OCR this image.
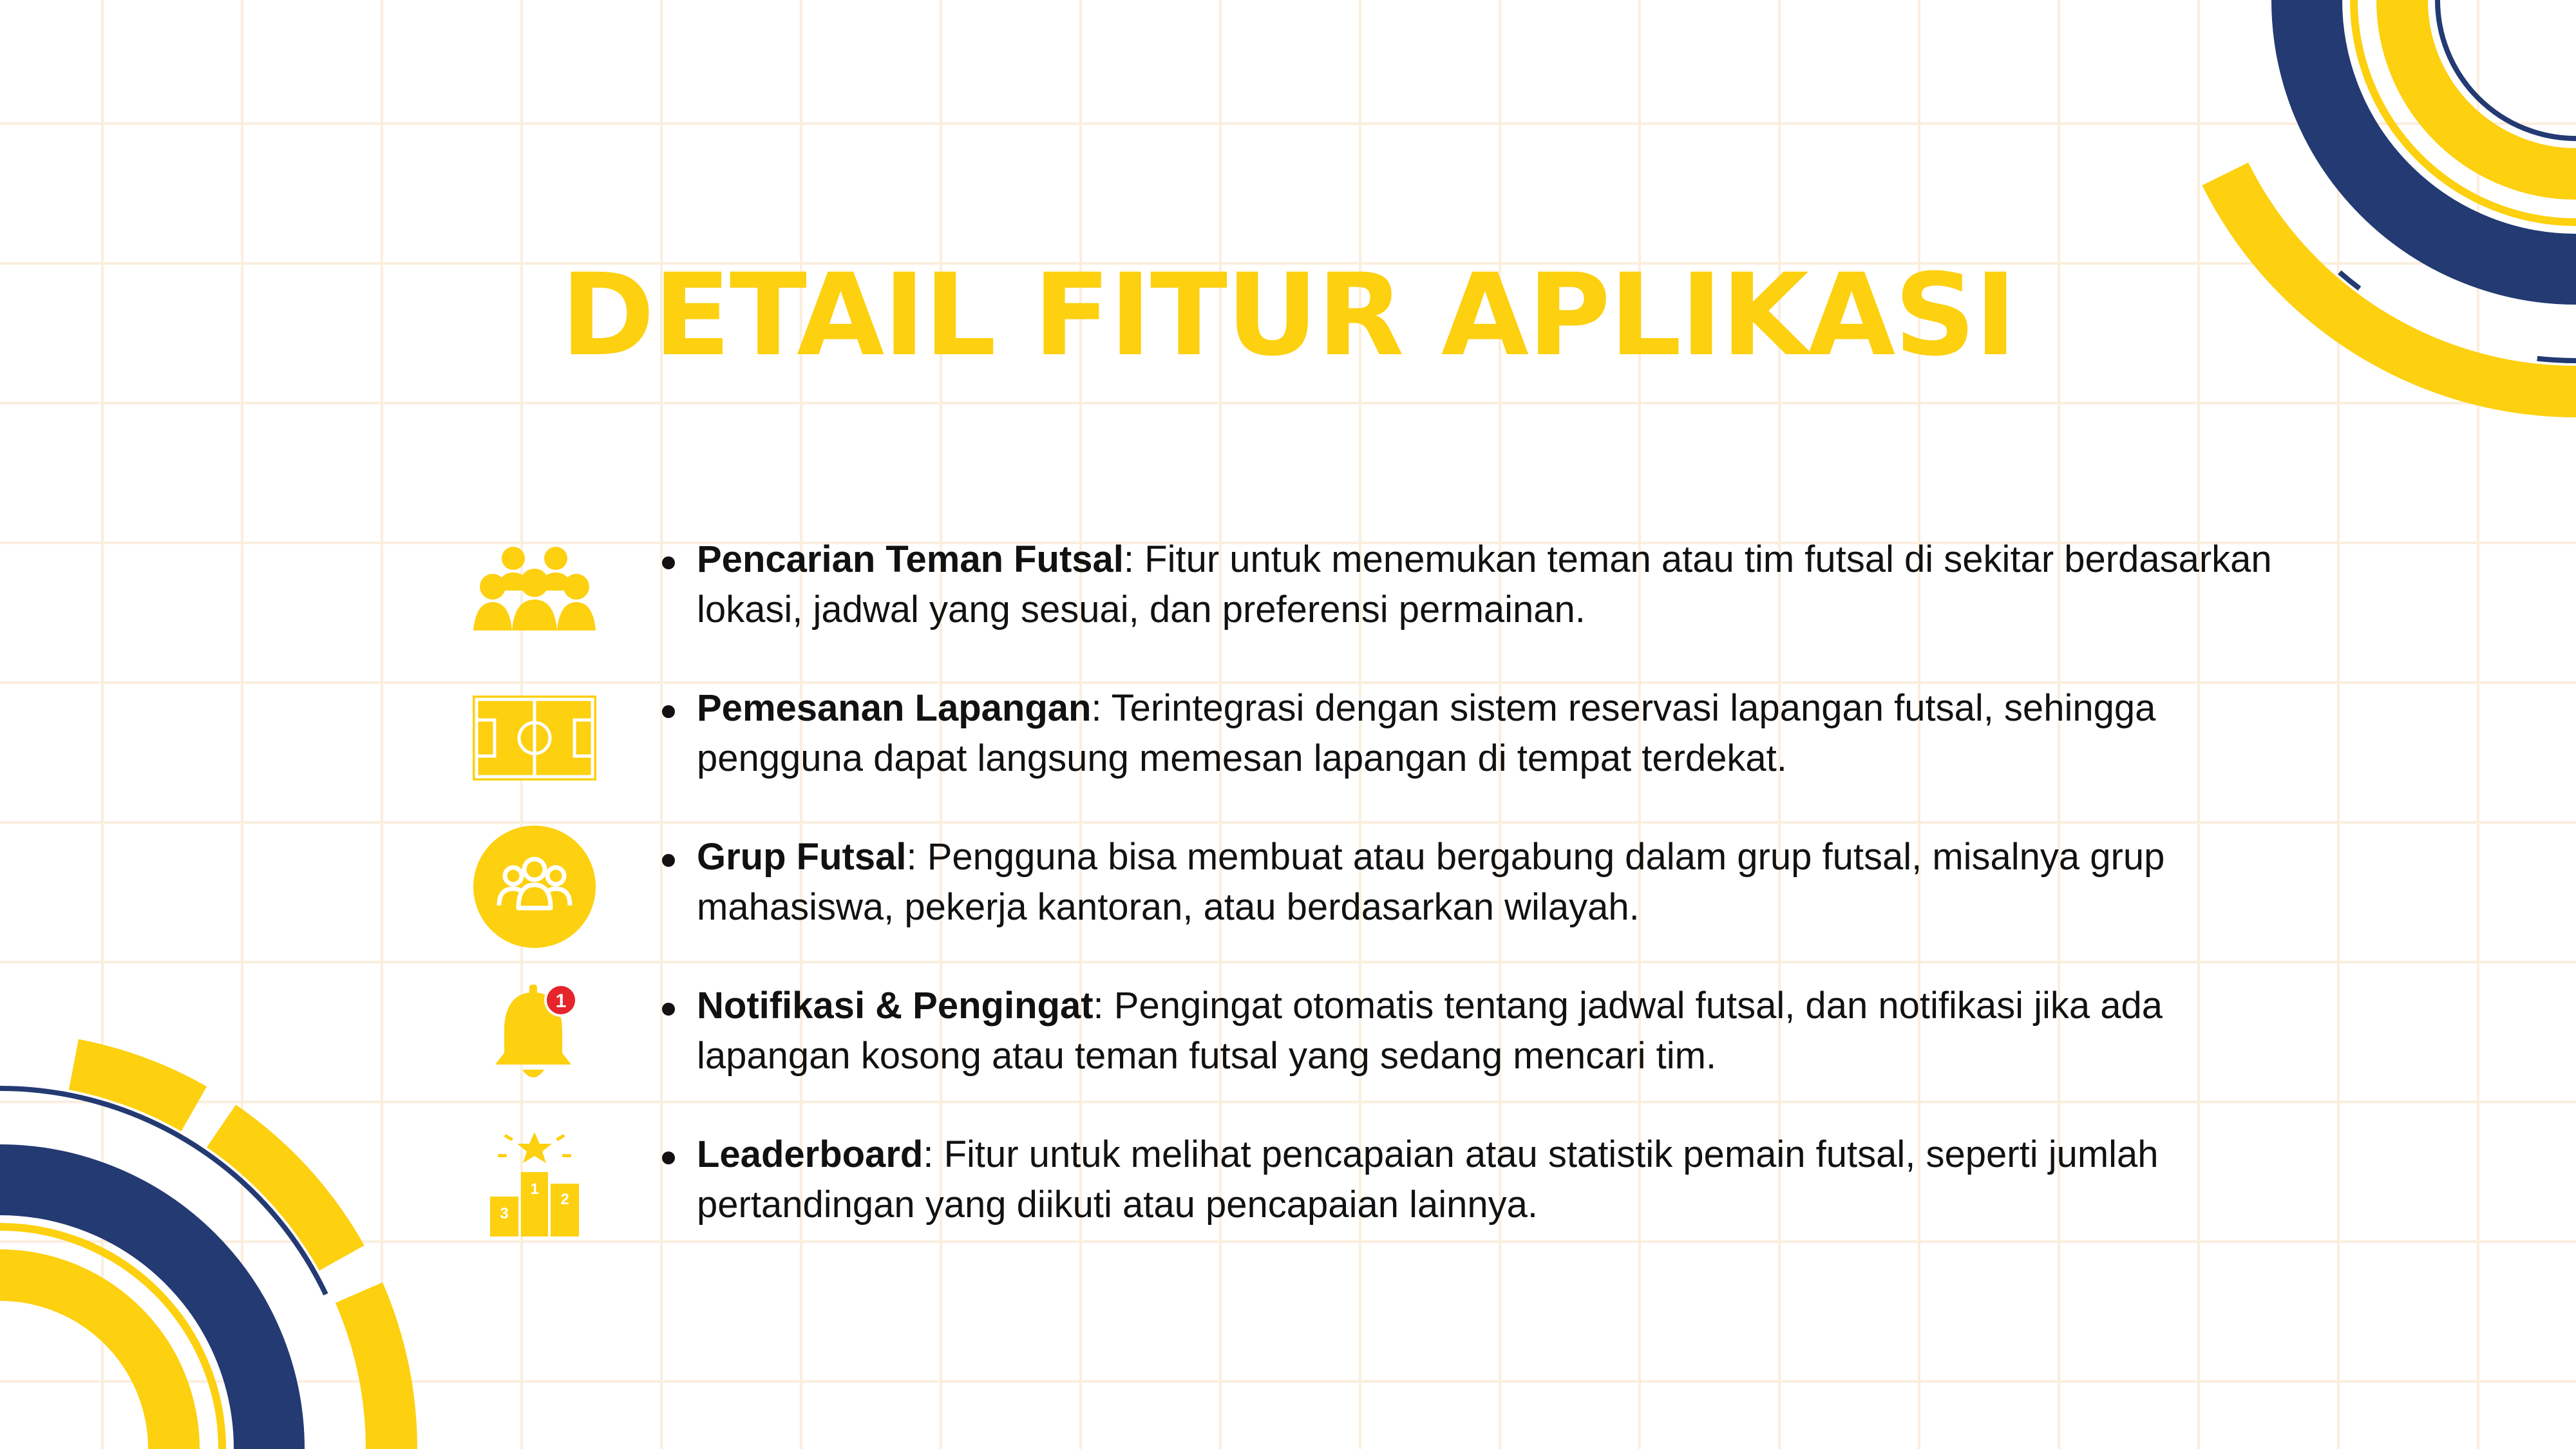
DETAIL FITUR APLIKASI
Pencarian Teman Futsal: Fitur untuk menemukan teman atau tim futsal di sekitar berdasarkan lokasi, jadwal yang sesuai, dan preferensi permainan.
Pemesanan Lapangan: Terintegrasi dengan sistem reservasi lapangan futsal, sehingga pengguna dapat langsung memesan lapangan di tempat terdekat.
Grup Futsal: Pengguna bisa membuat atau bergabung dalam grup futsal, misalnya grup mahasiswa, pekerja kantoran, atau berdasarkan wilayah.
1	Notifikasi & Pengingat: Pengingat otomatis tentang jadwal futsal, dan notifikasi jika ada lapangan kosong atau teman futsal yang sedang mencari tim.
1
2
3
Leaderboard: Fitur untuk melihat pencapaian atau statistik pemain futsal, seperti jumlah pertandingan yang diikuti atau pencapaian lainnya.
